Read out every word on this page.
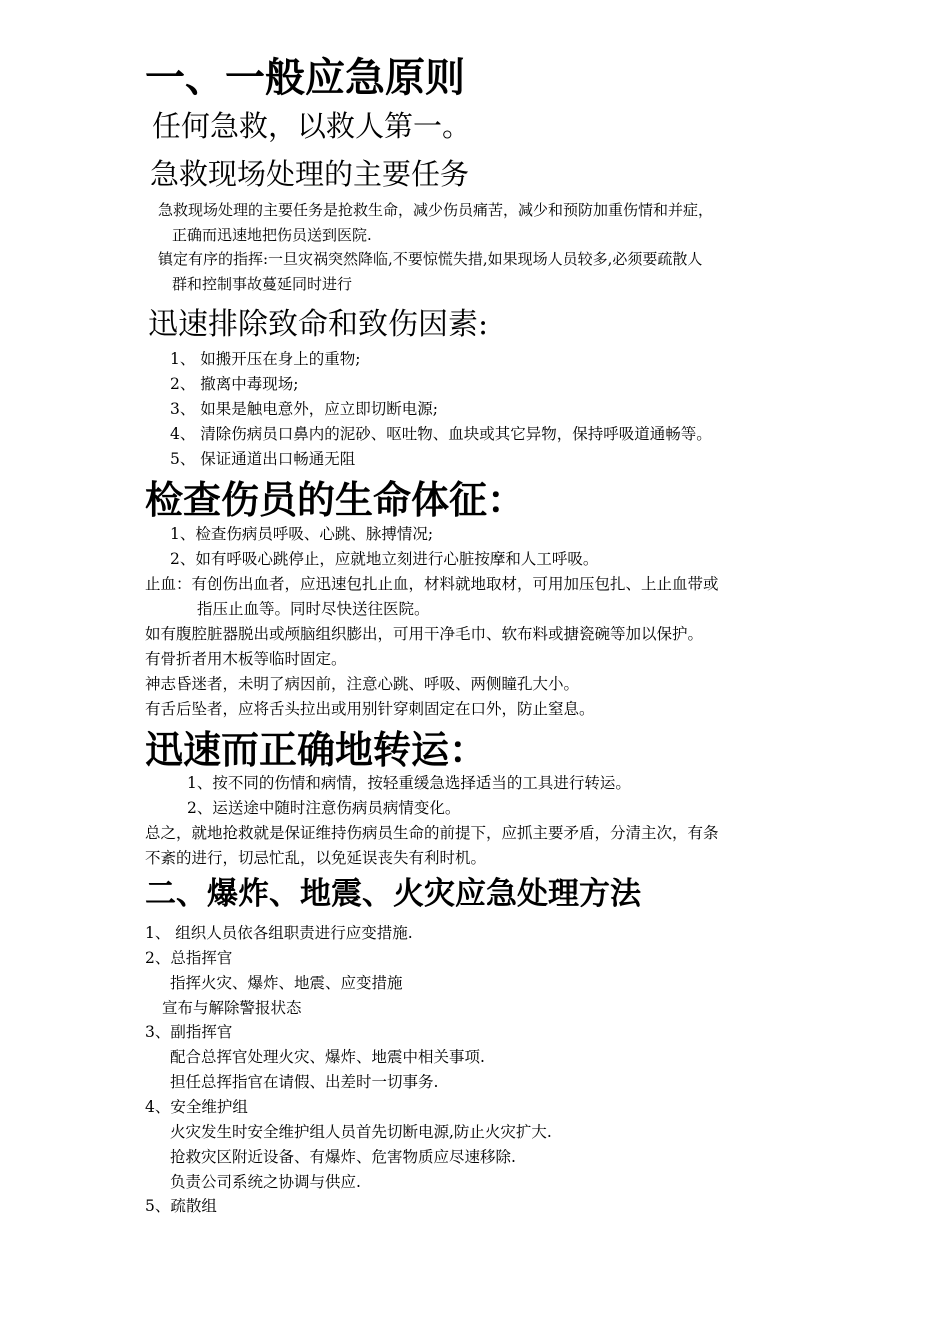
一、一般应急原则
任何急救，以救人第一。
急救现场处理的主要任务
急救现场处理的主要任务是抢救生命，减少伤员痛苦，减少和预防加重伤情和并症，
正确而迅速地把伤员送到医院.
镇定有序的指挥:一旦灾祸突然降临,不要惊慌失措,如果现场人员较多,必须要疏散人
群和控制事故蔓延同时进行
迅速排除致命和致伤因素:
1、 如搬开压在身上的重物;
2、 撤离中毒现场;
3、 如果是触电意外，应立即切断电源;
4、 清除伤病员口鼻内的泥砂、呕吐物、血块或其它异物，保持呼吸道通畅等。
5、 保证通道出口畅通无阻
检查伤员的生命体征：
1、检查伤病员呼吸、心跳、脉搏情况;
2、如有呼吸心跳停止，应就地立刻进行心脏按摩和人工呼吸。
止血：有创伤出血者，应迅速包扎止血，材料就地取材，可用加压包扎、上止血带或
指压止血等。同时尽快送往医院。
如有腹腔脏器脱出或颅脑组织膨出，可用干净毛巾、软布料或搪瓷碗等加以保护。
有骨折者用木板等临时固定。
神志昏迷者，未明了病因前，注意心跳、呼吸、两侧瞳孔大小。
有舌后坠者，应将舌头拉出或用别针穿刺固定在口外，防止窒息。
迅速而正确地转运：
1、按不同的伤情和病情，按轻重缓急选择适当的工具进行转运。
2、运送途中随时注意伤病员病情变化。
总之，就地抢救就是保证维持伤病员生命的前提下，应抓主要矛盾，分清主次，有条
不紊的进行，切忌忙乱，以免延误丧失有利时机。
二、爆炸、地震、火灾应急处理方法
1、 组织人员依各组职责进行应变措施.
2、总指挥官
指挥火灾、爆炸、地震、应变措施
宣布与解除警报状态
3、副指挥官
配合总挥官处理火灾、爆炸、地震中相关事项.
担任总挥指官在请假、出差时一切事务.
4、安全维护组
火灾发生时安全维护组人员首先切断电源,防止火灾扩大.
抢救灾区附近设备、有爆炸、危害物质应尽速移除.
负责公司系统之协调与供应.
5、疏散组
